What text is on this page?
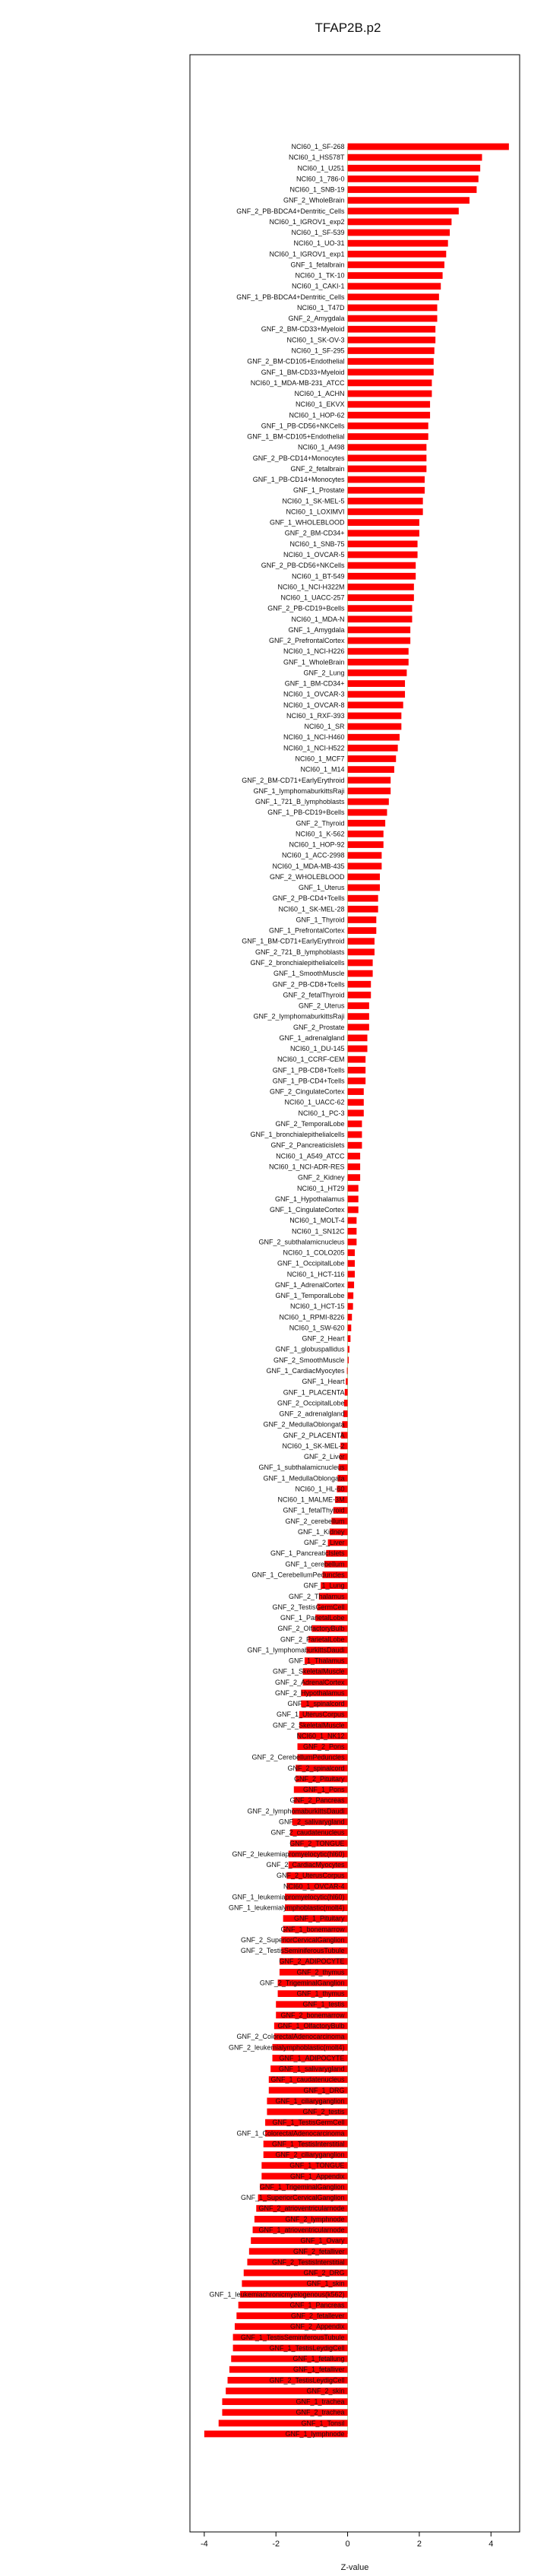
TFAP2B.p2
NCI60_1_SF-268
NCI60_1_HS578T
NCI60_1_U251
NCI60_1_786-0
NCI60_1_SNB-19
GNF_2_WholeBrain
GNF_2_PB-BDCA4+Dentritic_Cells
NCI60_1_IGROV1_exp2
NCI60_1_SF-539
NCI60_1_UO-31
NCI60_1_IGROV1_exp1
GNF_1_fetalbrain
NCI60_1_TK-10
NCI60_1_CAKI-1
GNF_1_PB-BDCA4+Dentritic_Cells
NCI60_1_T47D
GNF_2_Amygdala
GNF_2_BM-CD33+Myeloid
NCI60_1_SK-OV-3
NCI60_1_SF-295
GNF_2_BM-CD105+Endothelial
GNF_1_BM-CD33+Myeloid
NCI60_1_MDA-MB-231_ATCC
NCI60_1_ACHN
NCI60_1_EKVX
NCI60_1_HOP-62
GNF_1_PB-CD56+NKCells
GNF_1_BM-CD105+Endothelial
NCI60_1_A498
GNF_2_PB-CD14+Monocytes
GNF_2_fetalbrain
GNF_1_PB-CD14+Monocytes
GNF_1_Prostate
NCI60_1_SK-MEL-5
NCI60_1_LOXIMVI
GNF_1_WHOLEBLOOD
GNF_2_BM-CD34+
NCI60_1_SNB-75
NCI60_1_OVCAR-5
GNF_2_PB-CD56+NKCells
NCI60_1_BT-549
NCI60_1_NCI-H322M
NCI60_1_UACC-257
GNF_2_PB-CD19+Bcells
NCI60_1_MDA-N
GNF_1_Amygdala
GNF_2_PrefrontalCortex
NCI60_1_NCI-H226
GNF_1_WholeBrain
GNF_2_Lung
GNF_1_BM-CD34+
NCI60_1_OVCAR-3
NCI60_1_OVCAR-8
NCI60_1_RXF-393
NCI60_1_SR
NCI60_1_NCI-H460
NCI60_1_NCI-H522
NCI60_1_MCF7
NCI60_1_M14
GNF_2_BM-CD71+EarlyErythroid
GNF_1_lymphomaburkittsRaji
GNF_1_721_B_lymphoblasts
GNF_1_PB-CD19+Bcells
GNF_2_Thyroid
NCI60_1_K-562
NCI60_1_HOP-92
NCI60_1_ACC-2998
NCI60_1_MDA-MB-435
GNF_2_WHOLEBLOOD
GNF_1_Uterus
GNF_2_PB-CD4+Tcells
NCI60_1_SK-MEL-28
GNF_1_Thyroid
GNF_1_PrefrontalCortex
GNF_1_BM-CD71+EarlyErythroid
GNF_2_721_B_lymphoblasts
GNF_2_bronchialepithelialcells
GNF_1_SmoothMuscle
GNF_2_PB-CD8+Tcells
GNF_2_fetalThyroid
GNF_2_Uterus
GNF_2_lymphomaburkittsRaji
GNF_2_Prostate
GNF_1_adrenalgland
NCI60_1_DU-145
NCI60_1_CCRF-CEM
GNF_1_PB-CD8+Tcells
GNF_1_PB-CD4+Tcells
GNF_2_CingulateCortex
NCI60_1_UACC-62
NCI60_1_PC-3
GNF_2_TemporalLobe
GNF_1_bronchialepithelialcells
GNF_2_Pancreaticislets
NCI60_1_A549_ATCC
NCI60_1_NCI-ADR-RES
GNF_2_Kidney
NCI60_1_HT29
GNF_1_Hypothalamus
GNF_1_CingulateCortex
NCI60_1_MOLT-4
NCI60_1_SN12C
GNF_2_subthalamicnucleus
NCI60_1_COLO205
GNF_1_OccipitalLobe
NCI60_1_HCT-116
GNF_1_AdrenalCortex
GNF_1_TemporalLobe
NCI60_1_HCT-15
NCI60_1_RPMI-8226
NCI60_1_SW-620
GNF_2_Heart
GNF_1_globuspallidus
GNF_2_SmoothMuscle
GNF_1_CardiacMyocytes
GNF_1_Heart
GNF_1_PLACENTA
GNF_2_OccipitalLobe
GNF_2_adrenalgland
GNF_2_MedullaOblongata
GNF_2_PLACENTA
NCI60_1_SK-MEL-2
GNF_2_Liver
GNF_1_subthalamicnucleus
GNF_1_MedullaOblongata
NCI60_1_HL-60
NCI60_1_MALME-3M
GNF_1_fetalThyroid
GNF_2_cerebellum
GNF_1_Kidney
GNF_2_Liver
GNF_1_PancreaticIslets
GNF_1_cerebellum
GNF_1_CerebellumPeduncles
GNF_1_Lung
GNF_2_Thalamus
GNF_2_TestisGermCell
GNF_1_ParietalLobe
GNF_2_OlfactoryBulb
GNF_2_ParietalLobe
GNF_1_lymphomaburkittsDaudi
GNF_1_Thalamus
GNF_1_SkeletalMuscle
GNF_2_AdrenalCortex
GNF_2_Hypothalamus
GNF_1_spinalcord
GNF_1_UterusCorpus
GNF_2_SkeletalMuscle
NCI60_1_NK12
GNF_2_Pons
GNF_2_CerebellumPeduncles
GNF_2_spinalcord
GNF_2_Pituitary
GNF_1_Pons
GNF_2_Pancreas
GNF_2_lymphomaburkittsDaudi
GNF_2_salivarygland
GNF_2_caudatenucleus
GNF_2_TONGUE
GNF_2_leukemiapromyelocytic(hl60)
GNF_2_CardiacMyocytes
GNF_2_UterusCorpus
NCI60_1_OVCAR-4
GNF_1_leukemiapromyelocytic(hl60)
GNF_1_leukemialymphoblastic(molt4)
GNF_1_Pituitary
GNF_1_bonemarrow
GNF_2_SuperiorCervicalGanglion
GNF_2_TestisSeminiferousTubule
GNF_2_ADIPOCYTE
GNF_2_thymus
GNF_2_TrigeminalGanglion
GNF_1_thymus
GNF_1_testis
GNF_2_bonemarrow
GNF_1_OlfactoryBulb
GNF_2_ColorectalAdenocarcinoma
GNF_2_leukemialymphoblastic(molt4)
GNF_1_ADIPOCYTE
GNF_1_salivarygland
GNF_1_caudatenucleus
GNF_1_DRG
GNF_1_ciliaryganglion
GNF_2_testis
GNF_1_TestisGermCell
GNF_1_ColorectalAdenocarcinoma
GNF_1_TestisInterstitial
GNF_2_ciliaryganglion
GNF_1_TONGUE
GNF_1_Appendix
GNF_1_TrigeminalGanglion
GNF_1_SuperiorCervicalGanglion
GNF_2_atrioventricularnode
GNF_2_lymphnode
GNF_1_atrioventricularnode
GNF_1_Ovary
GNF_2_fetalliver
GNF_2_TestisInterstitial
GNF_2_DRG
GNF_1_skin
GNF_1_leukemiachronicmyelogenous(k562)
GNF_1_Pancreas
GNF_2_fetallever
GNF_2_Appendix
GNF_1_TestisSeminiferousTubule
GNF_1_TestisLeydigCell
GNF_1_fetallung
GNF_1_fetalliver
GNF_2_TestisLeydigCell
GNF_2_skin
GNF_1_trachea
GNF_2_trachea
GNF_1_Tonsil
GNF_1_lymphnode
-4	-2	0	2	4
Z-value
